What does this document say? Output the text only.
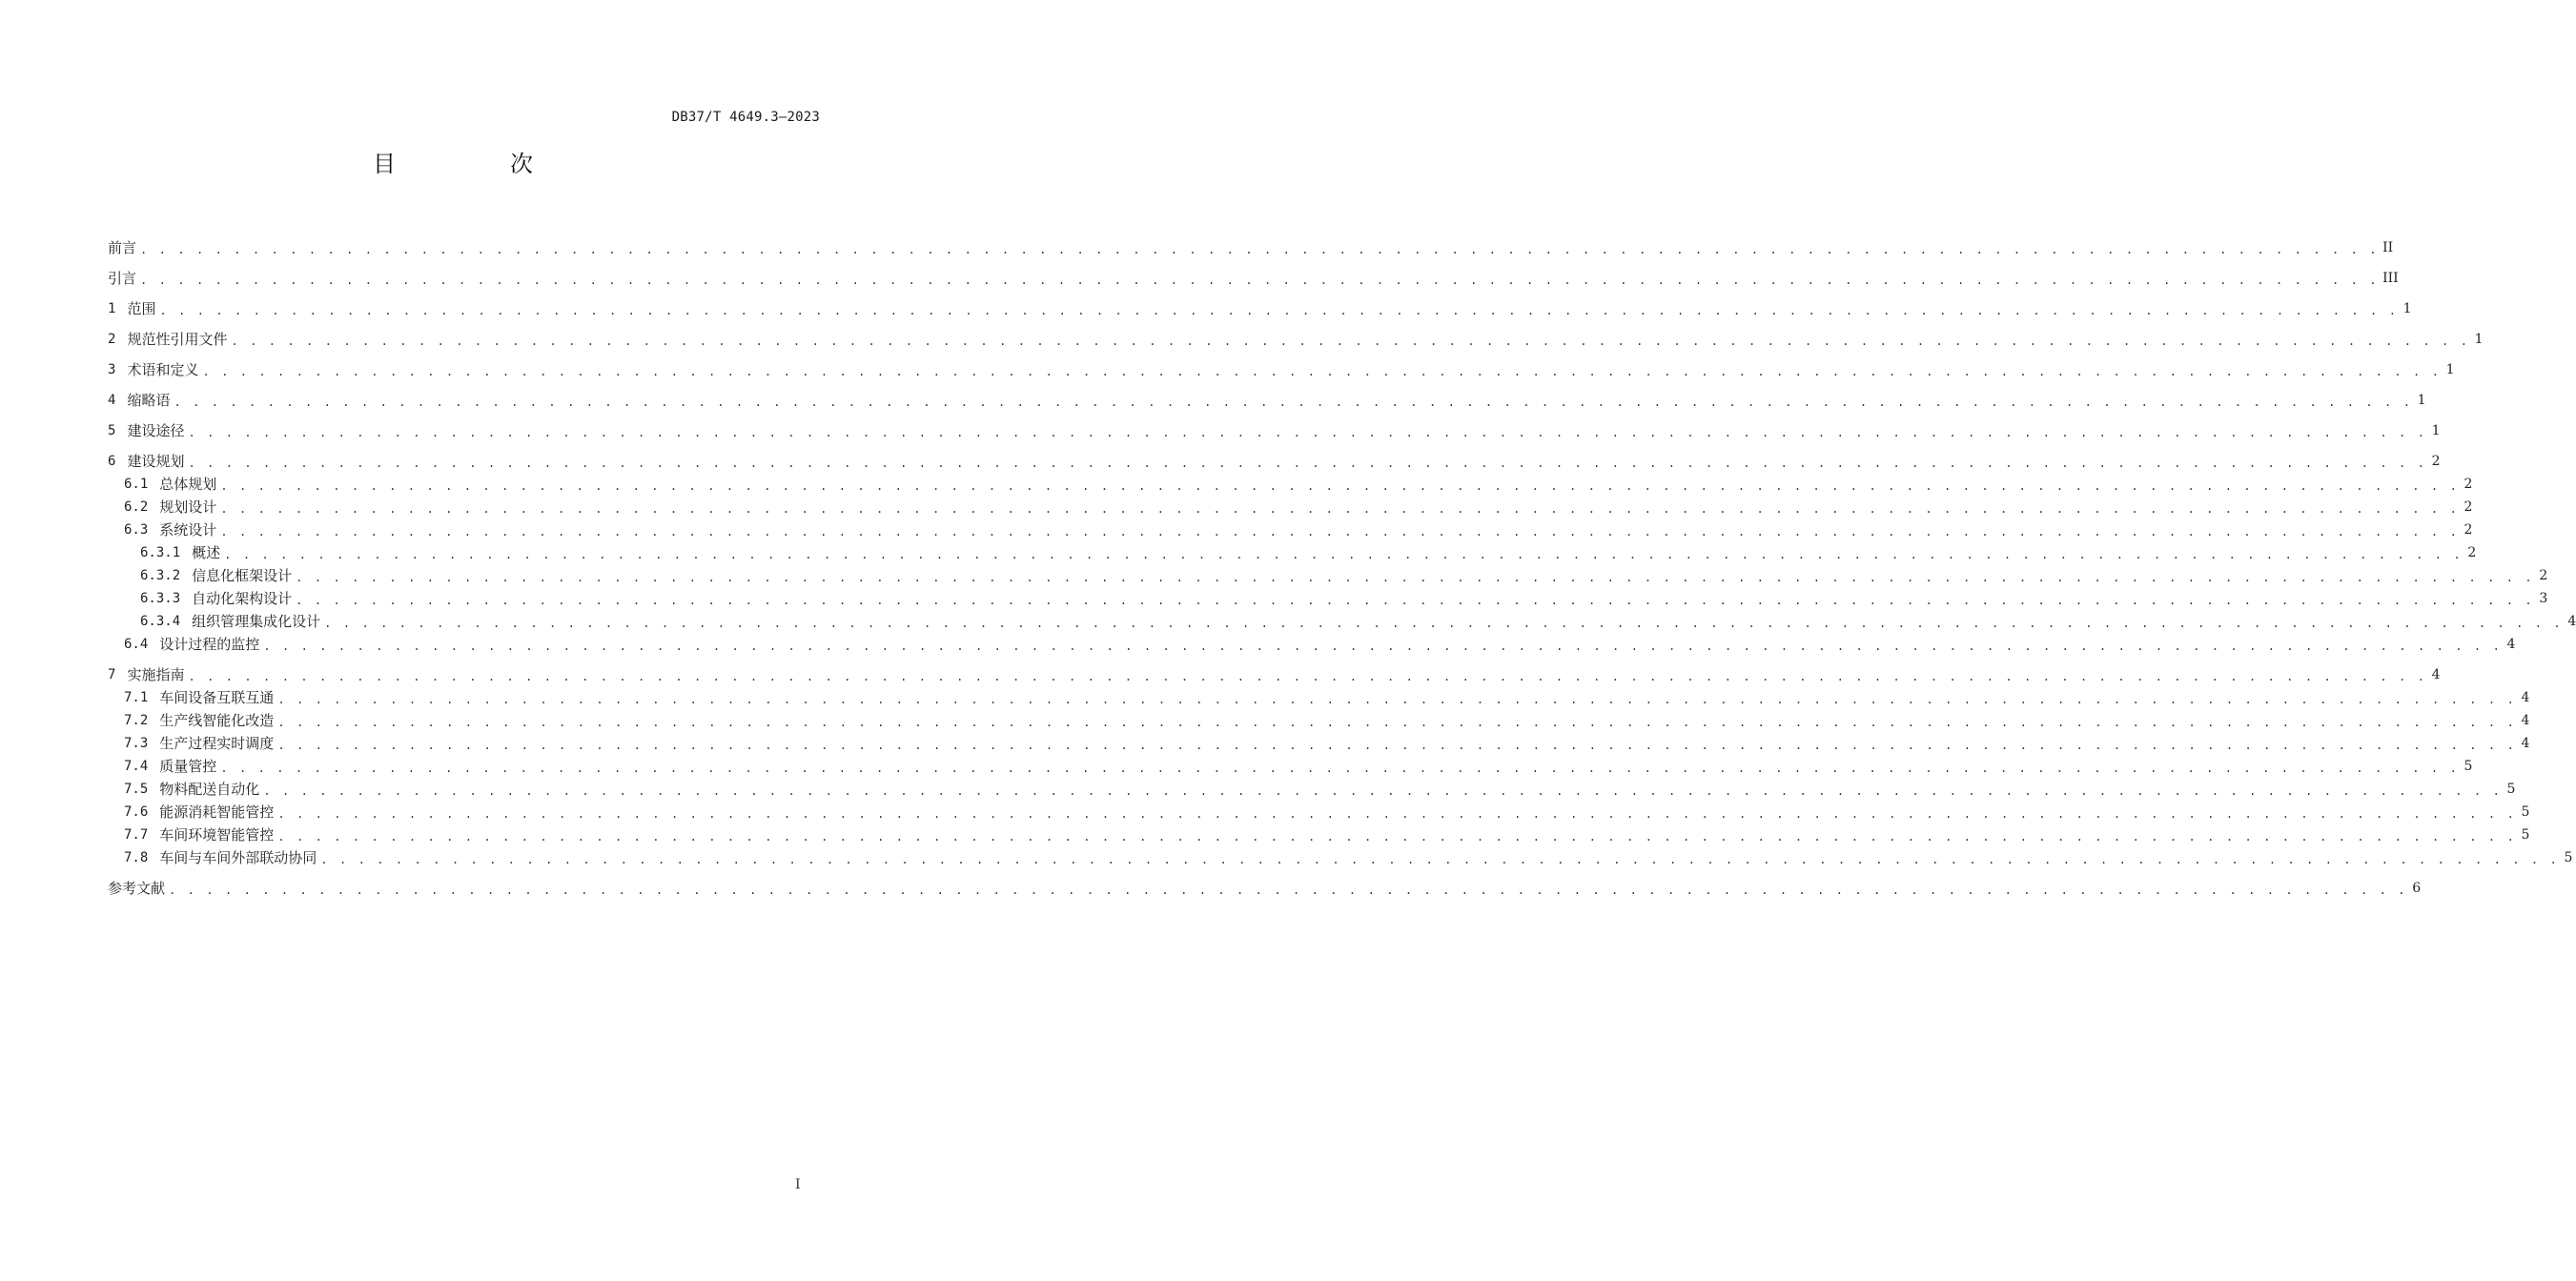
DB37/T 4649.3—2023
目　次
前言 . . . . . . . . . . . . . . . . . . . . . . . . . . . . . . . . . . . . . . . . . . . . . . . . . . . . . . . . . . . . . . . . . . . . . . . . . . . . . . . . . . . . . . . . . . . . . . . . . . . . . . . . . . . . . . . . . . . . . . . . II
引言 . . . . . . . . . . . . . . . . . . . . . . . . . . . . . . . . . . . . . . . . . . . . . . . . . . . . . . . . . . . . . . . . . . . . . . . . . . . . . . . . . . . . . . . . . . . . . . . . . . . . . . . . . . . . . . . . . . . . . . . . III
1 范围 . . . . . . . . . . . . . . . . . . . . . . . . . . . . . . . . . . . . . . . . . . . . . . . . . . . . . . . . . . . . . . . . . . . . . . . . . . . . . . . . . . . . . . . . . . . . . . . . . . . . . . . . . . . . . . . . . . . . . . . . 1
2 规范性引用文件 . . . . . . . . . . . . . . . . . . . . . . . . . . . . . . . . . . . . . . . . . . . . . . . . . . . . . . . . . . . . . . . . . . . . . . . . . . . . . . . . . . . . . . . . . . . . . . . . . . . . . . . . . . . . . . . . . . . . . . . . 1
3 术语和定义 . . . . . . . . . . . . . . . . . . . . . . . . . . . . . . . . . . . . . . . . . . . . . . . . . . . . . . . . . . . . . . . . . . . . . . . . . . . . . . . . . . . . . . . . . . . . . . . . . . . . . . . . . . . . . . . . . . . . . . . . 1
4 缩略语 . . . . . . . . . . . . . . . . . . . . . . . . . . . . . . . . . . . . . . . . . . . . . . . . . . . . . . . . . . . . . . . . . . . . . . . . . . . . . . . . . . . . . . . . . . . . . . . . . . . . . . . . . . . . . . . . . . . . . . . . 1
5 建设途径 . . . . . . . . . . . . . . . . . . . . . . . . . . . . . . . . . . . . . . . . . . . . . . . . . . . . . . . . . . . . . . . . . . . . . . . . . . . . . . . . . . . . . . . . . . . . . . . . . . . . . . . . . . . . . . . . . . . . . . . . 1
6 建设规划 . . . . . . . . . . . . . . . . . . . . . . . . . . . . . . . . . . . . . . . . . . . . . . . . . . . . . . . . . . . . . . . . . . . . . . . . . . . . . . . . . . . . . . . . . . . . . . . . . . . . . . . . . . . . . . . . . . . . . . . . 2
6.1 总体规划 . . . . . . . . . . . . . . . . . . . . . . . . . . . . . . . . . . . . . . . . . . . . . . . . . . . . . . . . . . . . . . . . . . . . . . . . . . . . . . . . . . . . . . . . . . . . . . . . . . . . . . . . . . . . . . . . . . . . . . . . 2
6.2 规划设计 . . . . . . . . . . . . . . . . . . . . . . . . . . . . . . . . . . . . . . . . . . . . . . . . . . . . . . . . . . . . . . . . . . . . . . . . . . . . . . . . . . . . . . . . . . . . . . . . . . . . . . . . . . . . . . . . . . . . . . . . 2
6.3 系统设计 . . . . . . . . . . . . . . . . . . . . . . . . . . . . . . . . . . . . . . . . . . . . . . . . . . . . . . . . . . . . . . . . . . . . . . . . . . . . . . . . . . . . . . . . . . . . . . . . . . . . . . . . . . . . . . . . . . . . . . . . 2
6.3.1 概述 . . . . . . . . . . . . . . . . . . . . . . . . . . . . . . . . . . . . . . . . . . . . . . . . . . . . . . . . . . . . . . . . . . . . . . . . . . . . . . . . . . . . . . . . . . . . . . . . . . . . . . . . . . . . . . . . . . . . . . . . 2
6.3.2 信息化框架设计 . . . . . . . . . . . . . . . . . . . . . . . . . . . . . . . . . . . . . . . . . . . . . . . . . . . . . . . . . . . . . . . . . . . . . . . . . . . . . . . . . . . . . . . . . . . . . . . . . . . . . . . . . . . . . . . . . . . . . . . . 2
6.3.3 自动化架构设计 . . . . . . . . . . . . . . . . . . . . . . . . . . . . . . . . . . . . . . . . . . . . . . . . . . . . . . . . . . . . . . . . . . . . . . . . . . . . . . . . . . . . . . . . . . . . . . . . . . . . . . . . . . . . . . . . . . . . . . . . 3
6.3.4 组织管理集成化设计 . . . . . . . . . . . . . . . . . . . . . . . . . . . . . . . . . . . . . . . . . . . . . . . . . . . . . . . . . . . . . . . . . . . . . . . . . . . . . . . . . . . . . . . . . . . . . . . . . . . . . . . . . . . . . . . . . . . . . . . . 4
6.4 设计过程的监控 . . . . . . . . . . . . . . . . . . . . . . . . . . . . . . . . . . . . . . . . . . . . . . . . . . . . . . . . . . . . . . . . . . . . . . . . . . . . . . . . . . . . . . . . . . . . . . . . . . . . . . . . . . . . . . . . . . . . . . . . 4
7 实施指南 . . . . . . . . . . . . . . . . . . . . . . . . . . . . . . . . . . . . . . . . . . . . . . . . . . . . . . . . . . . . . . . . . . . . . . . . . . . . . . . . . . . . . . . . . . . . . . . . . . . . . . . . . . . . . . . . . . . . . . . . 4
7.1 车间设备互联互通 . . . . . . . . . . . . . . . . . . . . . . . . . . . . . . . . . . . . . . . . . . . . . . . . . . . . . . . . . . . . . . . . . . . . . . . . . . . . . . . . . . . . . . . . . . . . . . . . . . . . . . . . . . . . . . . . . . . . . . . . 4
7.2 生产线智能化改造 . . . . . . . . . . . . . . . . . . . . . . . . . . . . . . . . . . . . . . . . . . . . . . . . . . . . . . . . . . . . . . . . . . . . . . . . . . . . . . . . . . . . . . . . . . . . . . . . . . . . . . . . . . . . . . . . . . . . . . . . 4
7.3 生产过程实时调度 . . . . . . . . . . . . . . . . . . . . . . . . . . . . . . . . . . . . . . . . . . . . . . . . . . . . . . . . . . . . . . . . . . . . . . . . . . . . . . . . . . . . . . . . . . . . . . . . . . . . . . . . . . . . . . . . . . . . . . . . 4
7.4 质量管控 . . . . . . . . . . . . . . . . . . . . . . . . . . . . . . . . . . . . . . . . . . . . . . . . . . . . . . . . . . . . . . . . . . . . . . . . . . . . . . . . . . . . . . . . . . . . . . . . . . . . . . . . . . . . . . . . . . . . . . . . 5
7.5 物料配送自动化 . . . . . . . . . . . . . . . . . . . . . . . . . . . . . . . . . . . . . . . . . . . . . . . . . . . . . . . . . . . . . . . . . . . . . . . . . . . . . . . . . . . . . . . . . . . . . . . . . . . . . . . . . . . . . . . . . . . . . . . . 5
7.6 能源消耗智能管控 . . . . . . . . . . . . . . . . . . . . . . . . . . . . . . . . . . . . . . . . . . . . . . . . . . . . . . . . . . . . . . . . . . . . . . . . . . . . . . . . . . . . . . . . . . . . . . . . . . . . . . . . . . . . . . . . . . . . . . . . 5
7.7 车间环境智能管控 . . . . . . . . . . . . . . . . . . . . . . . . . . . . . . . . . . . . . . . . . . . . . . . . . . . . . . . . . . . . . . . . . . . . . . . . . . . . . . . . . . . . . . . . . . . . . . . . . . . . . . . . . . . . . . . . . . . . . . . . 5
7.8 车间与车间外部联动协同 . . . . . . . . . . . . . . . . . . . . . . . . . . . . . . . . . . . . . . . . . . . . . . . . . . . . . . . . . . . . . . . . . . . . . . . . . . . . . . . . . . . . . . . . . . . . . . . . . . . . . . . . . . . . . . . . . . . . . . . . 5
参考文献 . . . . . . . . . . . . . . . . . . . . . . . . . . . . . . . . . . . . . . . . . . . . . . . . . . . . . . . . . . . . . . . . . . . . . . . . . . . . . . . . . . . . . . . . . . . . . . . . . . . . . . . . . . . . . . . . . . . . . . . . 6
I
